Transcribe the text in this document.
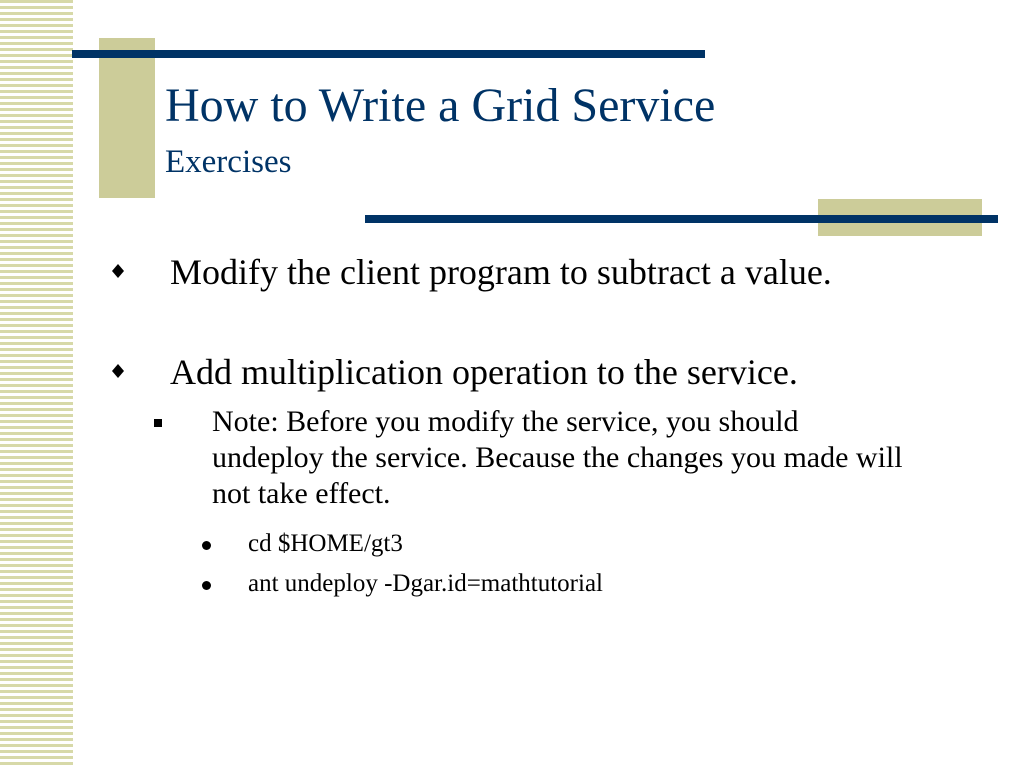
How to Write a Grid Service
Exercises
Modify the client program to subtract a value.
Add multiplication operation to the service.
Note: Before you modify the service, you should undeploy the service. Because the changes you made will not take effect.
cd $HOME/gt3
ant undeploy -Dgar.id=mathtutorial
